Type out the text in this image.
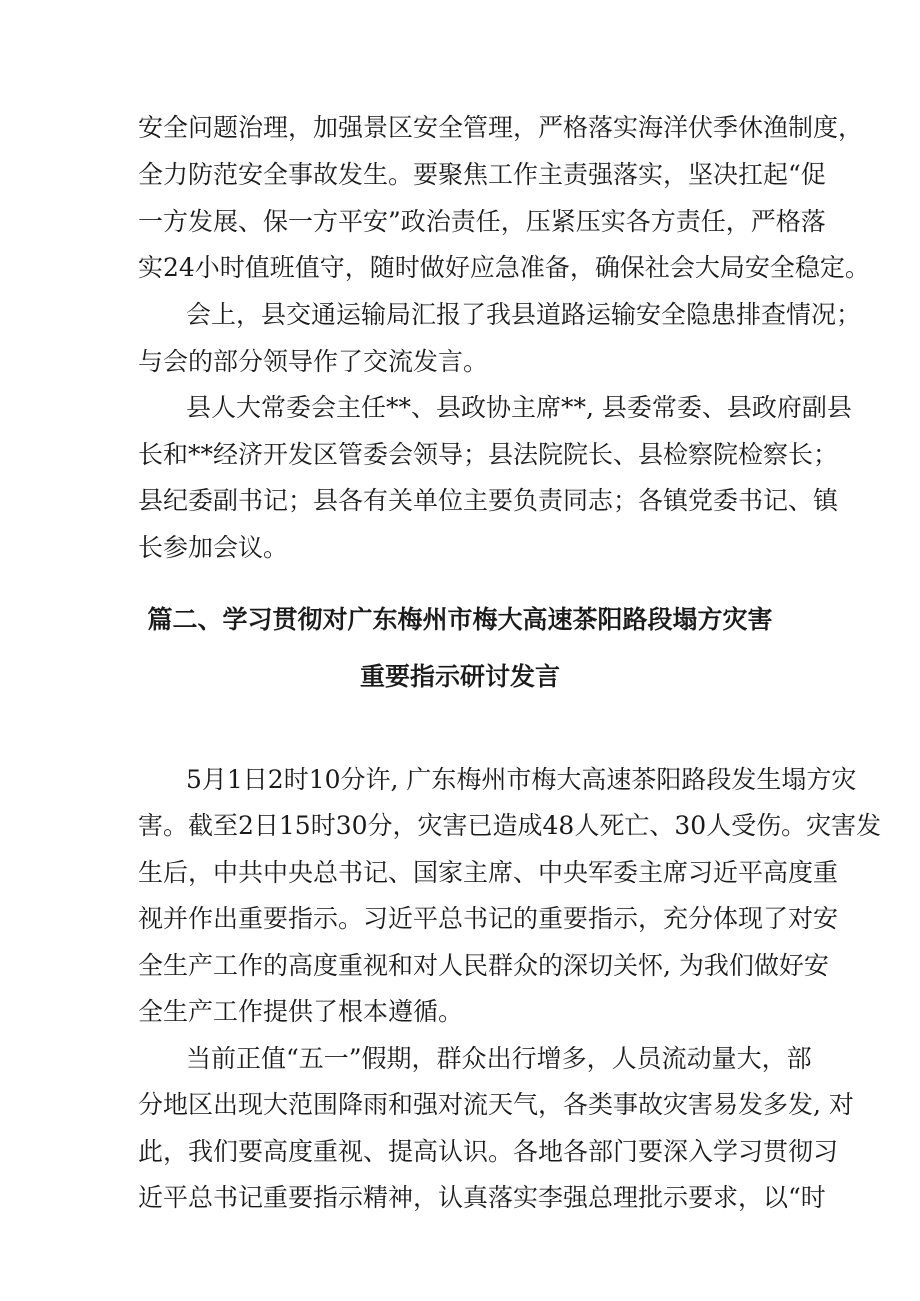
安全问题治理，加强景区安全管理，严格落实海洋伏季休渔制度，
全力防范安全事故发生。要聚焦工作主责强落实，坚决扛起“促
一方发展、保一方平安”政治责任，压紧压实各方责任，严格落
实24小时值班值守，随时做好应急准备，确保社会大局安全稳定。
会上，县交通运输局汇报了我县道路运输安全隐患排查情况；
与会的部分领导作了交流发言。
县人大常委会主任**、县政协主席**, 县委常委、县政府副县
长和**经济开发区管委会领导；县法院院长、县检察院检察长；
县纪委副书记；县各有关单位主要负责同志；各镇党委书记、镇
长参加会议。
篇二、学习贯彻对广东梅州市梅大高速茶阳路段塌方灾害
重要指示研讨发言
5月1日2时10分许, 广东梅州市梅大高速茶阳路段发生塌方灾
害。截至2日15时30分，灾害已造成48人死亡、30人受伤。灾害发
生后，中共中央总书记、国家主席、中央军委主席习近平高度重
视并作出重要指示。习近平总书记的重要指示，充分体现了对安
全生产工作的高度重视和对人民群众的深切关怀, 为我们做好安
全生产工作提供了根本遵循。
当前正值“五一”假期，群众出行增多，人员流动量大，部
分地区出现大范围降雨和强对流天气，各类事故灾害易发多发, 对
此，我们要高度重视、提高认识。各地各部门要深入学习贯彻习
近平总书记重要指示精神，认真落实李强总理批示要求，以“时
